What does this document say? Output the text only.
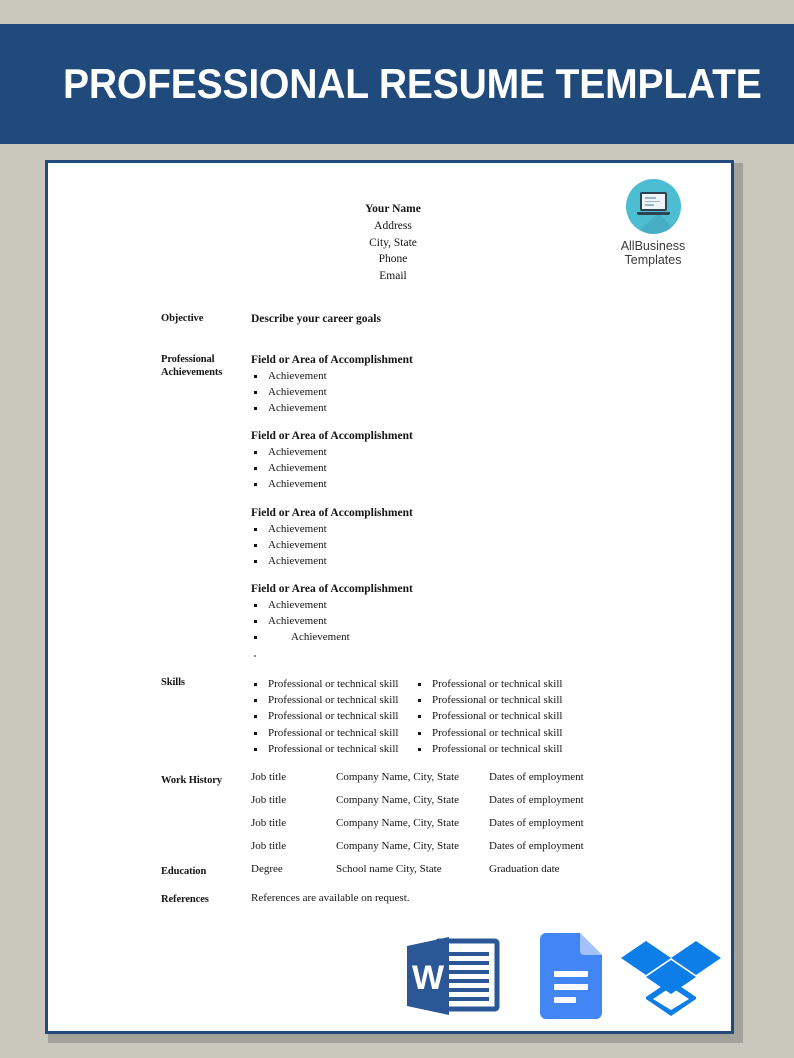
PROFESSIONAL RESUME TEMPLATE
AllBusiness
Templates
Your Name
Address
City, State
Phone
Email
Objective	Describe your career goals
Professional
Achievements
Field or Area of Accomplishment
Achievement
Achievement
Achievement
Field or Area of Accomplishment
Achievement
Achievement
Achievement
Field or Area of Accomplishment
Achievement
Achievement
Achievement
Field or Area of Accomplishment
Achievement
Achievement
Achievement
Skills	Professional or technical skill
Professional or technical skill
Professional or technical skill
Professional or technical skill
Professional or technical skill
Professional or technical skill
Professional or technical skill
Professional or technical skill
Professional or technical skill
Professional or technical skill
Work History	Job title	Company Name, City, State	Dates of employment
Job title	Company Name, City, State	Dates of employment
Job title	Company Name, City, State	Dates of employment
Job title	Company Name, City, State	Dates of employment
Education	Degree	School name City, State	Graduation date
References	References are available on request.
W
